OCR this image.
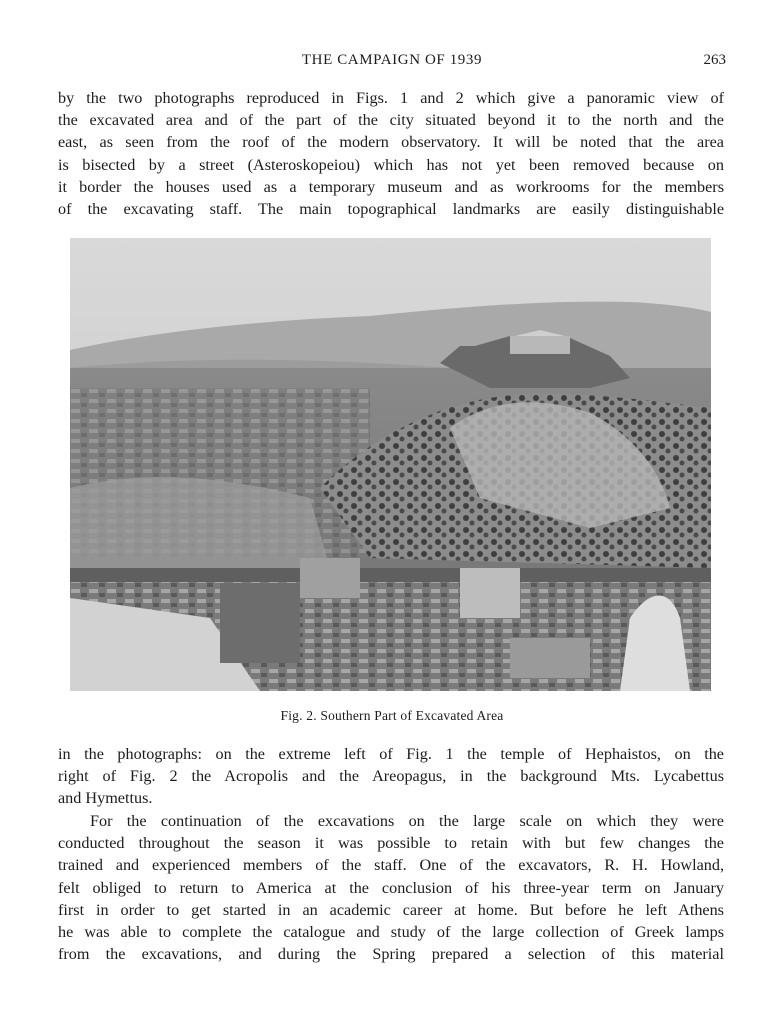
THE CAMPAIGN OF 1939	263
by the two photographs reproduced in Figs. 1 and 2 which give a panoramic view of
the excavated area and of the part of the city situated beyond it to the north and the
east, as seen from the roof of the modern observatory. It will be noted that the area
is bisected by a street (Asteroskopeiou) which has not yet been removed because on
it border the houses used as a temporary museum and as workrooms for the members
of the excavating staff. The main topographical landmarks are easily distinguishable
Fig. 2. Southern Part of Excavated Area
in the photographs: on the extreme left of Fig. 1 the temple of Hephaistos, on the
right of Fig. 2 the Acropolis and the Areopagus, in the background Mts. Lycabettus
and Hymettus.
For the continuation of the excavations on the large scale on which they were
conducted throughout the season it was possible to retain with but few changes the
trained and experienced members of the staff. One of the excavators, R. H. Howland,
felt obliged to return to America at the conclusion of his three-year term on January
first in order to get started in an academic career at home. But before he left Athens
he was able to complete the catalogue and study of the large collection of Greek lamps
from the excavations, and during the Spring prepared a selection of this material
